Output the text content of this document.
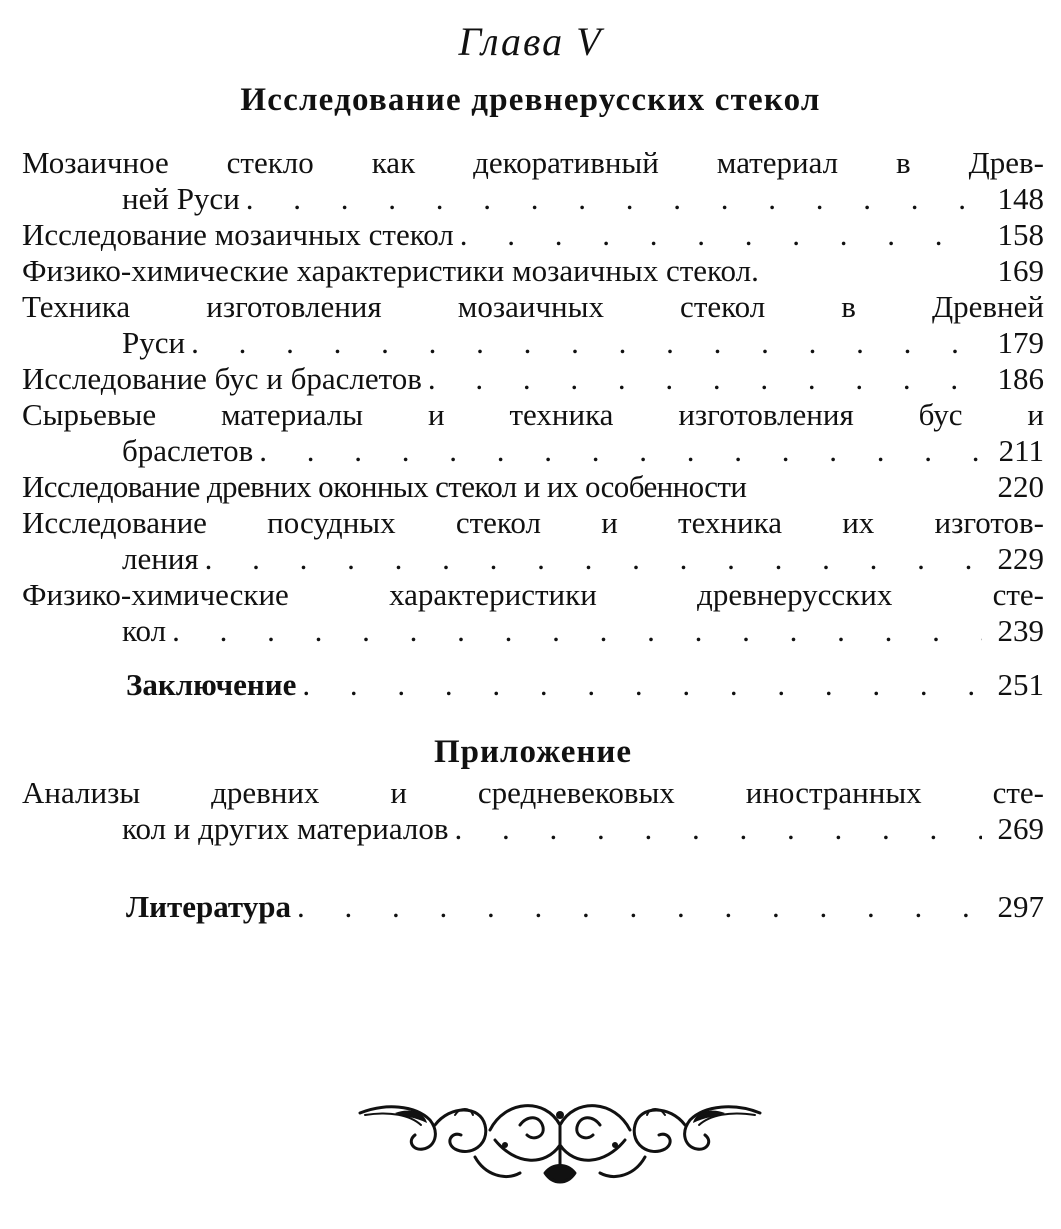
Глава V
Исследование древнерусских стекол
Мозаичное стекло как декоративный материал в Древ-
ней Руси . . .	148
Исследование мозаичных стекол . . .	158
Физико-химические характеристики мозаичных стекол.	169
Техника изготовления мозаичных стекол в Древней
Руси . . .	179
Исследование бус и браслетов . . .	186
Сырьевые материалы и техника изготовления бус и
браслетов . . .	211
Исследование древних оконных стекол и их особенности	220
Исследование посудных стекол и техника их изготов-
ления . . .	229
Физико-химические характеристики древнерусских сте-
кол . . .	239
Заключение . . .	251
Приложение
Анализы древних и средневековых иностранных сте-
кол и других материалов . . .	269
Литература . . .	297
